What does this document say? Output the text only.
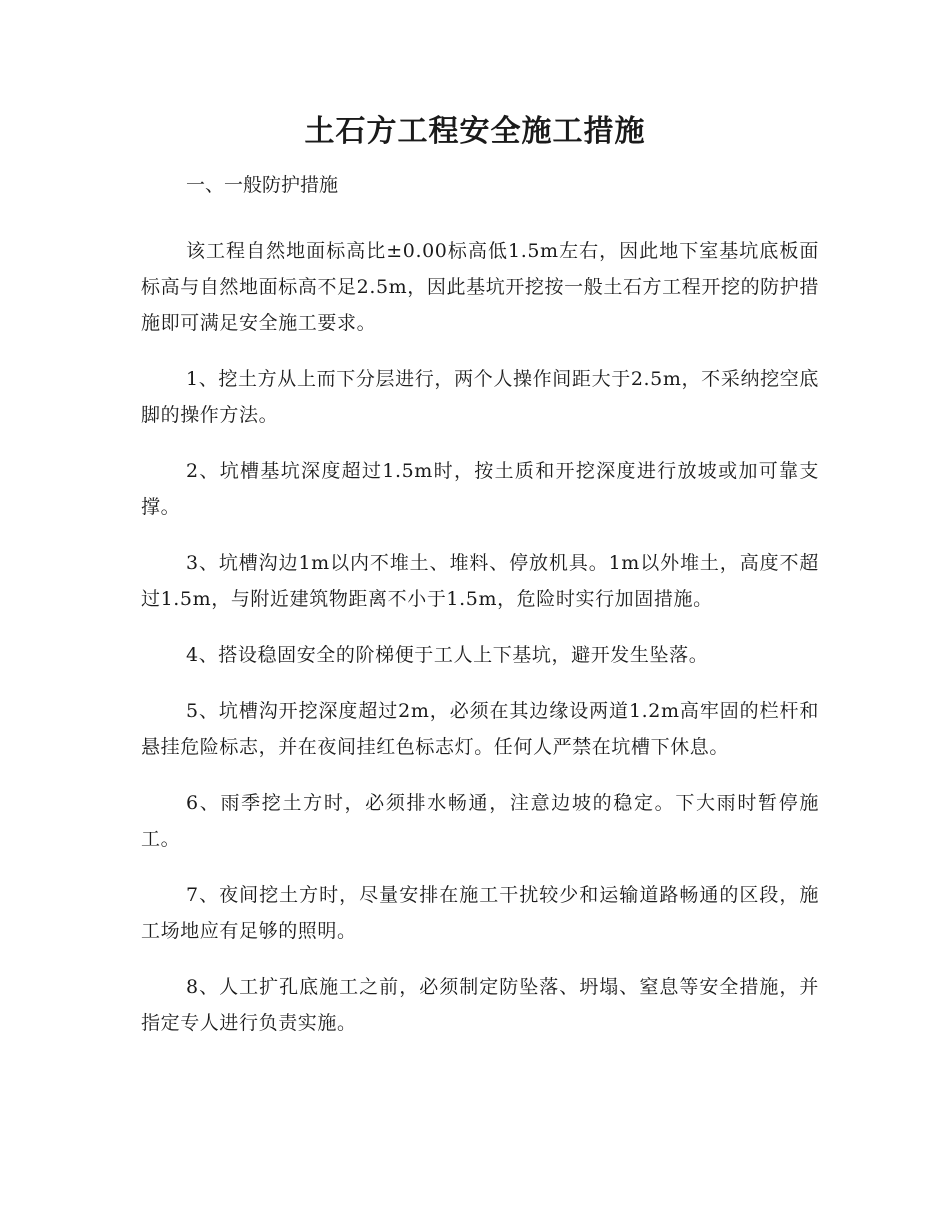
土石方工程安全施工措施

一、一般防护措施

该工程自然地面标高比±0.00标高低1.5m左右，因此地下室基坑底板面标高与自然地面标高不足2.5m，因此基坑开挖按一般土石方工程开挖的防护措施即可满足安全施工要求。

1、挖土方从上而下分层进行，两个人操作间距大于2.5m，不采纳挖空底脚的操作方法。

2、坑槽基坑深度超过1.5m时，按土质和开挖深度进行放坡或加可靠支撑。

3、坑槽沟边1m以内不堆土、堆料、停放机具。1m以外堆土，高度不超过1.5m，与附近建筑物距离不小于1.5m，危险时实行加固措施。

4、搭设稳固安全的阶梯便于工人上下基坑，避开发生坠落。

5、坑槽沟开挖深度超过2m，必须在其边缘设两道1.2m高牢固的栏杆和悬挂危险标志，并在夜间挂红色标志灯。任何人严禁在坑槽下休息。

6、雨季挖土方时，必须排水畅通，注意边坡的稳定。下大雨时暂停施工。

7、夜间挖土方时，尽量安排在施工干扰较少和运输道路畅通的区段，施工场地应有足够的照明。

8、人工扩孔底施工之前，必须制定防坠落、坍塌、窒息等安全措施，并指定专人进行负责实施。
